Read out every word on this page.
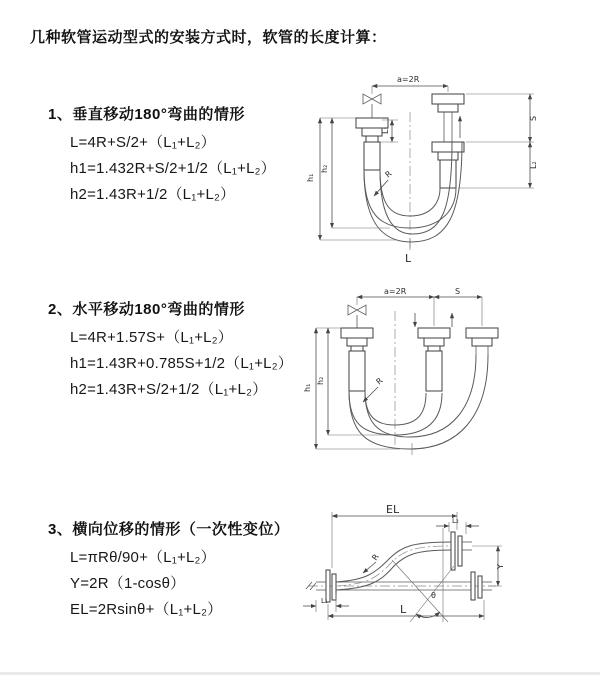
几种软管运动型式的安装方式时，软管的长度计算：
1、垂直移动180°弯曲的情形
L=4R+S/2+（L₁+L₂）
h1=1.432R+S/2+1/2（L₁+L₂）
h2=1.43R+1/2（L₁+L₂）
2、水平移动180°弯曲的情形
L=4R+1.57S+（L₁+L₂）
h1=1.43R+0.785S+1/2（L₁+L₂）
h2=1.43R+S/2+1/2（L₁+L₂）
3、横向位移的情形（一次性变位）
L=πRθ/90+（L₁+L₂）
Y=2R（1-cosθ）
EL=2Rsinθ+（L₁+L₂）
a=2R
h₁
h₂
L₁
S
L₂
R
L
a=2R	S
h₁
h₂	R
EL
L₂
θ
R
Y
L₁
L
